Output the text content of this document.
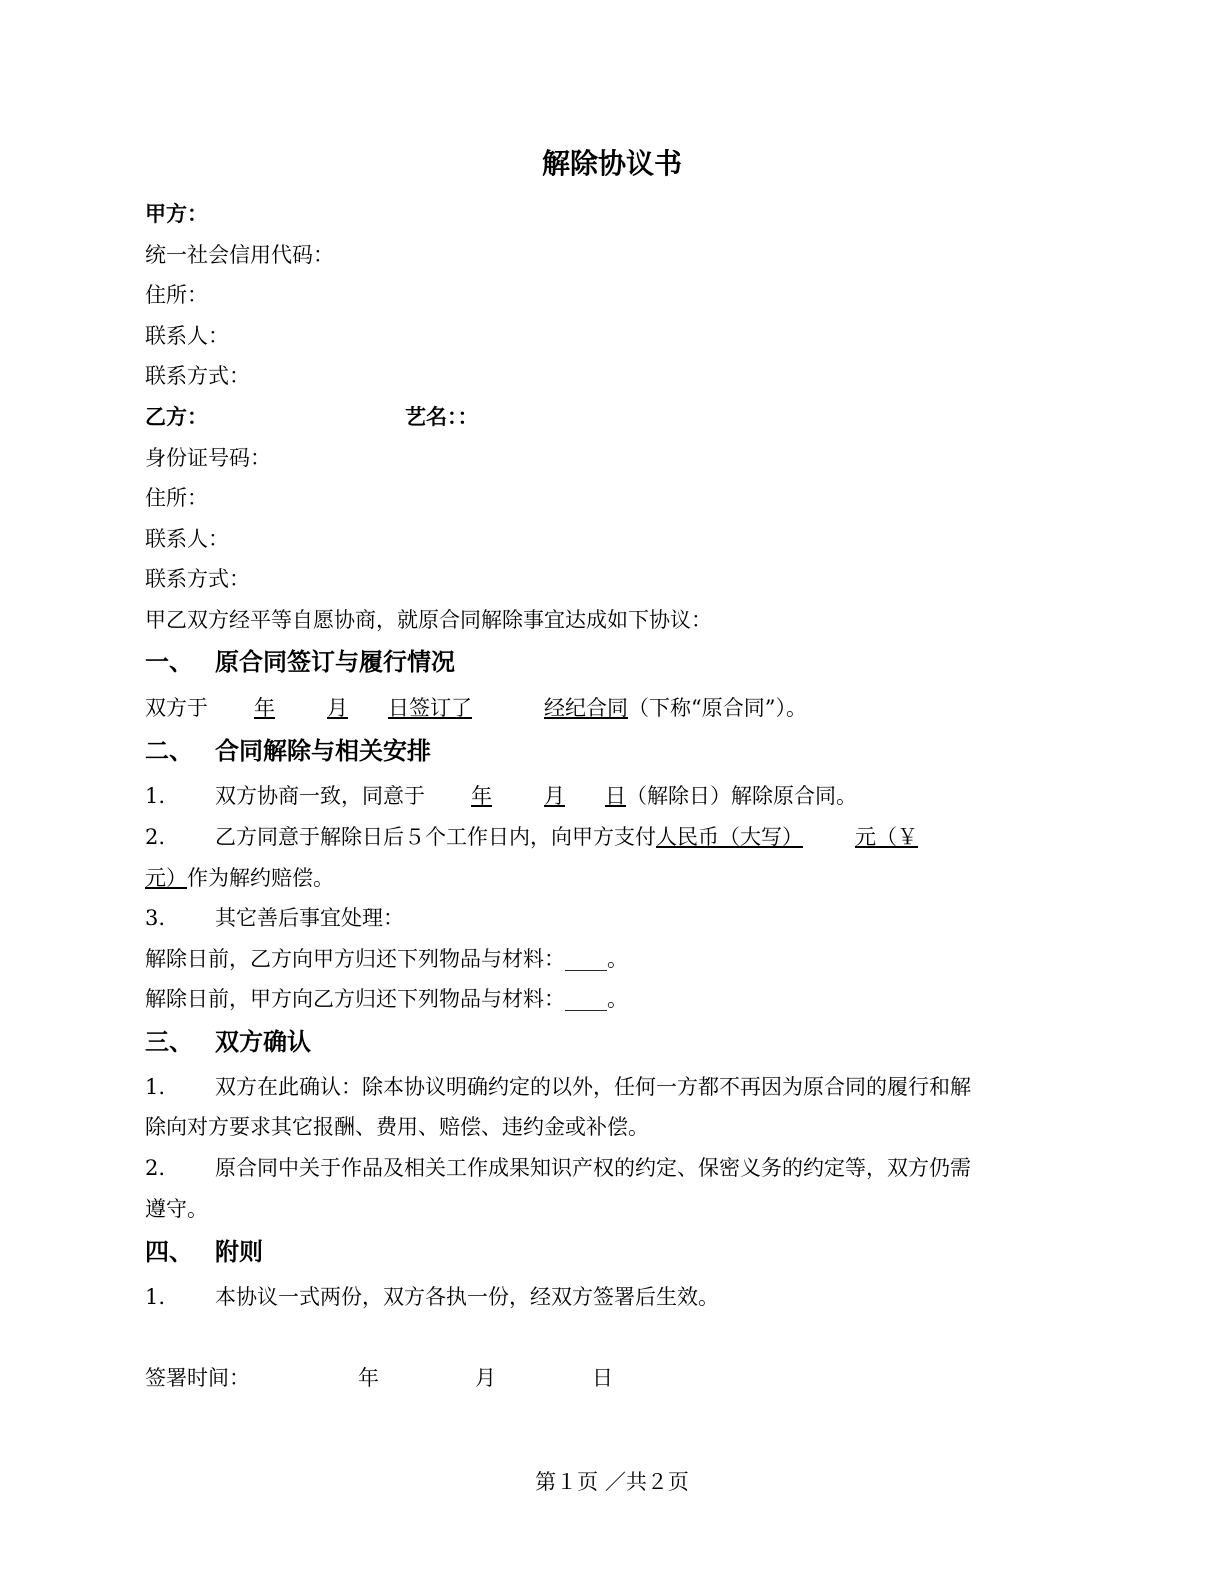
解除协议书
甲方：
统一社会信用代码：
住所：
联系人：
联系方式：
乙方：	艺名：：
身份证号码：
住所：
联系人：
联系方式：
甲乙双方经平等自愿协商，就原合同解除事宜达成如下协议：
一、 原合同签订与履行情况
双方于 年 月 日签订了	经纪合同（下称“原合同”）。
二、 合同解除与相关安排
1. 双方协商一致，同意于 年 月 日（解除日）解除原合同。
2. 乙方同意于解除日后５个工作日内，向甲方支付人民币（大写） 元（￥
元）作为解约赔偿。
3. 其它善后事宜处理：
解除日前，乙方向甲方归还下列物品与材料：____。
解除日前，甲方向乙方归还下列物品与材料：____。
三、 双方确认
1. 双方在此确认：除本协议明确约定的以外，任何一方都不再因为原合同的履行和解
除向对方要求其它报酬、费用、赔偿、违约金或补偿。
2. 原合同中关于作品及相关工作成果知识产权的约定、保密义务的约定等，双方仍需
遵守。
四、 附则
1. 本协议一式两份，双方各执一份，经双方签署后生效。
签署时间：	年	月	日
第１页 ／共２页
